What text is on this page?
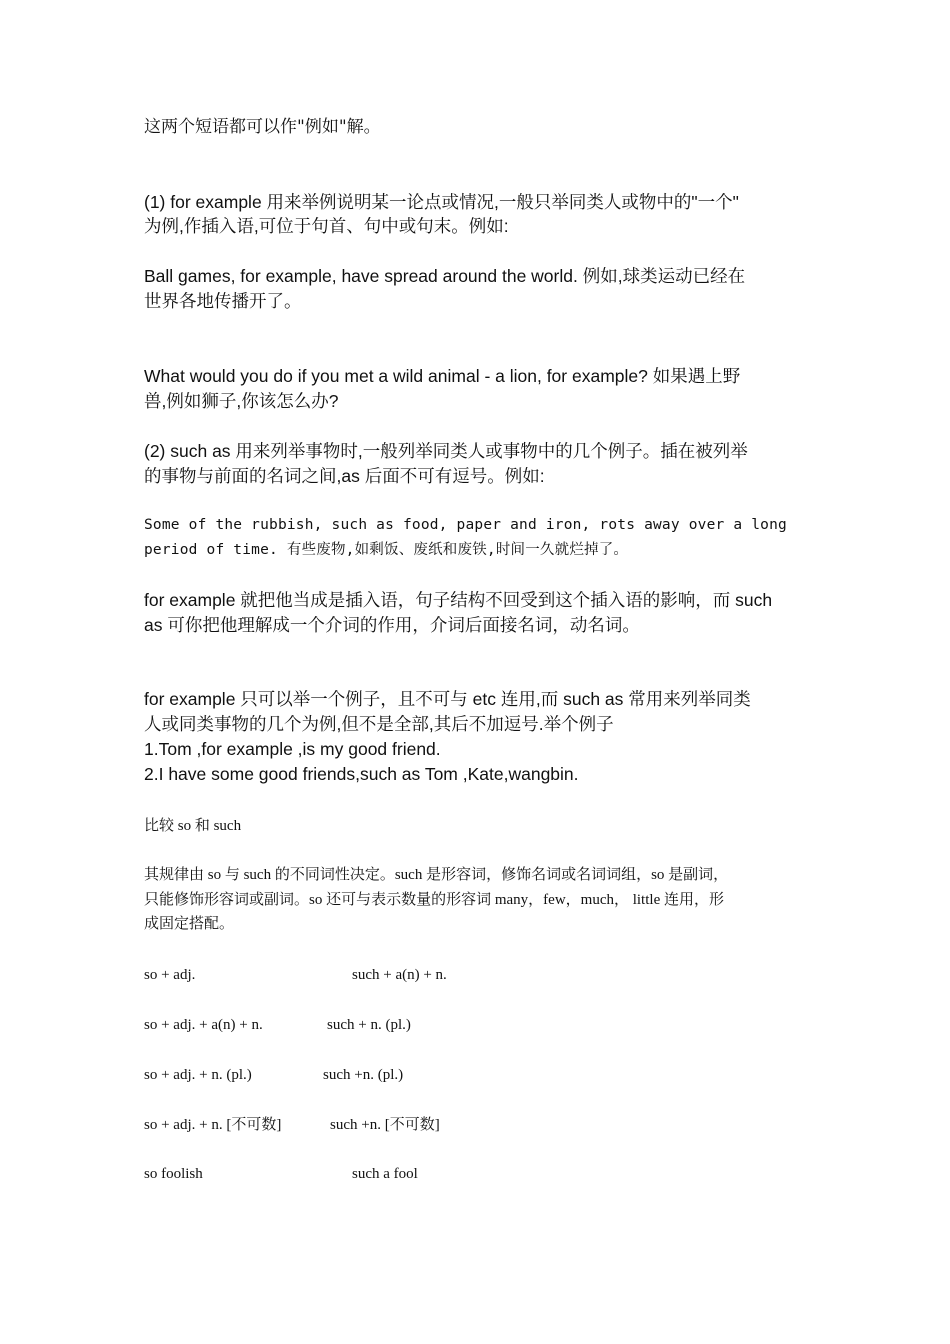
这两个短语都可以作"例如"解。

(1) for example 用来举例说明某一论点或情况,一般只举同类人或物中的"一个"

为例,作插入语,可位于句首、句中或句末。例如:

Ball games, for example, have spread around the world. 例如,球类运动已经在

世界各地传播开了。

What would you do if you met a wild animal - a lion, for example? 如果遇上野

兽,例如狮子,你该怎么办?

(2) such as 用来列举事物时,一般列举同类人或事物中的几个例子。插在被列举

的事物与前面的名词之间,as 后面不可有逗号。例如:

Some of the rubbish, such as food, paper and iron, rots away over a long

period of time. 有些废物,如剩饭、废纸和废铁,时间一久就烂掉了。

for example 就把他当成是插入语，句子结构不回受到这个插入语的影响，而 such

as 可你把他理解成一个介词的作用，介词后面接名词，动名词。

for example 只可以举一个例子，且不可与 etc 连用,而 such as 常用来列举同类

人或同类事物的几个为例,但不是全部,其后不加逗号.举个例子

1.Tom ,for example ,is my good friend.

2.I have some good friends,such as Tom ,Kate,wangbin.

比较 so 和 such

其规律由 so 与 such 的不同词性决定。such 是形容词，修饰名词或名词词组，so 是副词，

只能修饰形容词或副词。so 还可与表示数量的形容词 many，few，much， little 连用，形

成固定搭配。

so + adj.	such + a(n) + n.
so + adj. + a(n) + n.	such + n. (pl.)
so + adj. + n. (pl.)	such +n. (pl.)
so + adj. + n. [不可数]	such +n. [不可数]
so foolish	such a fool
